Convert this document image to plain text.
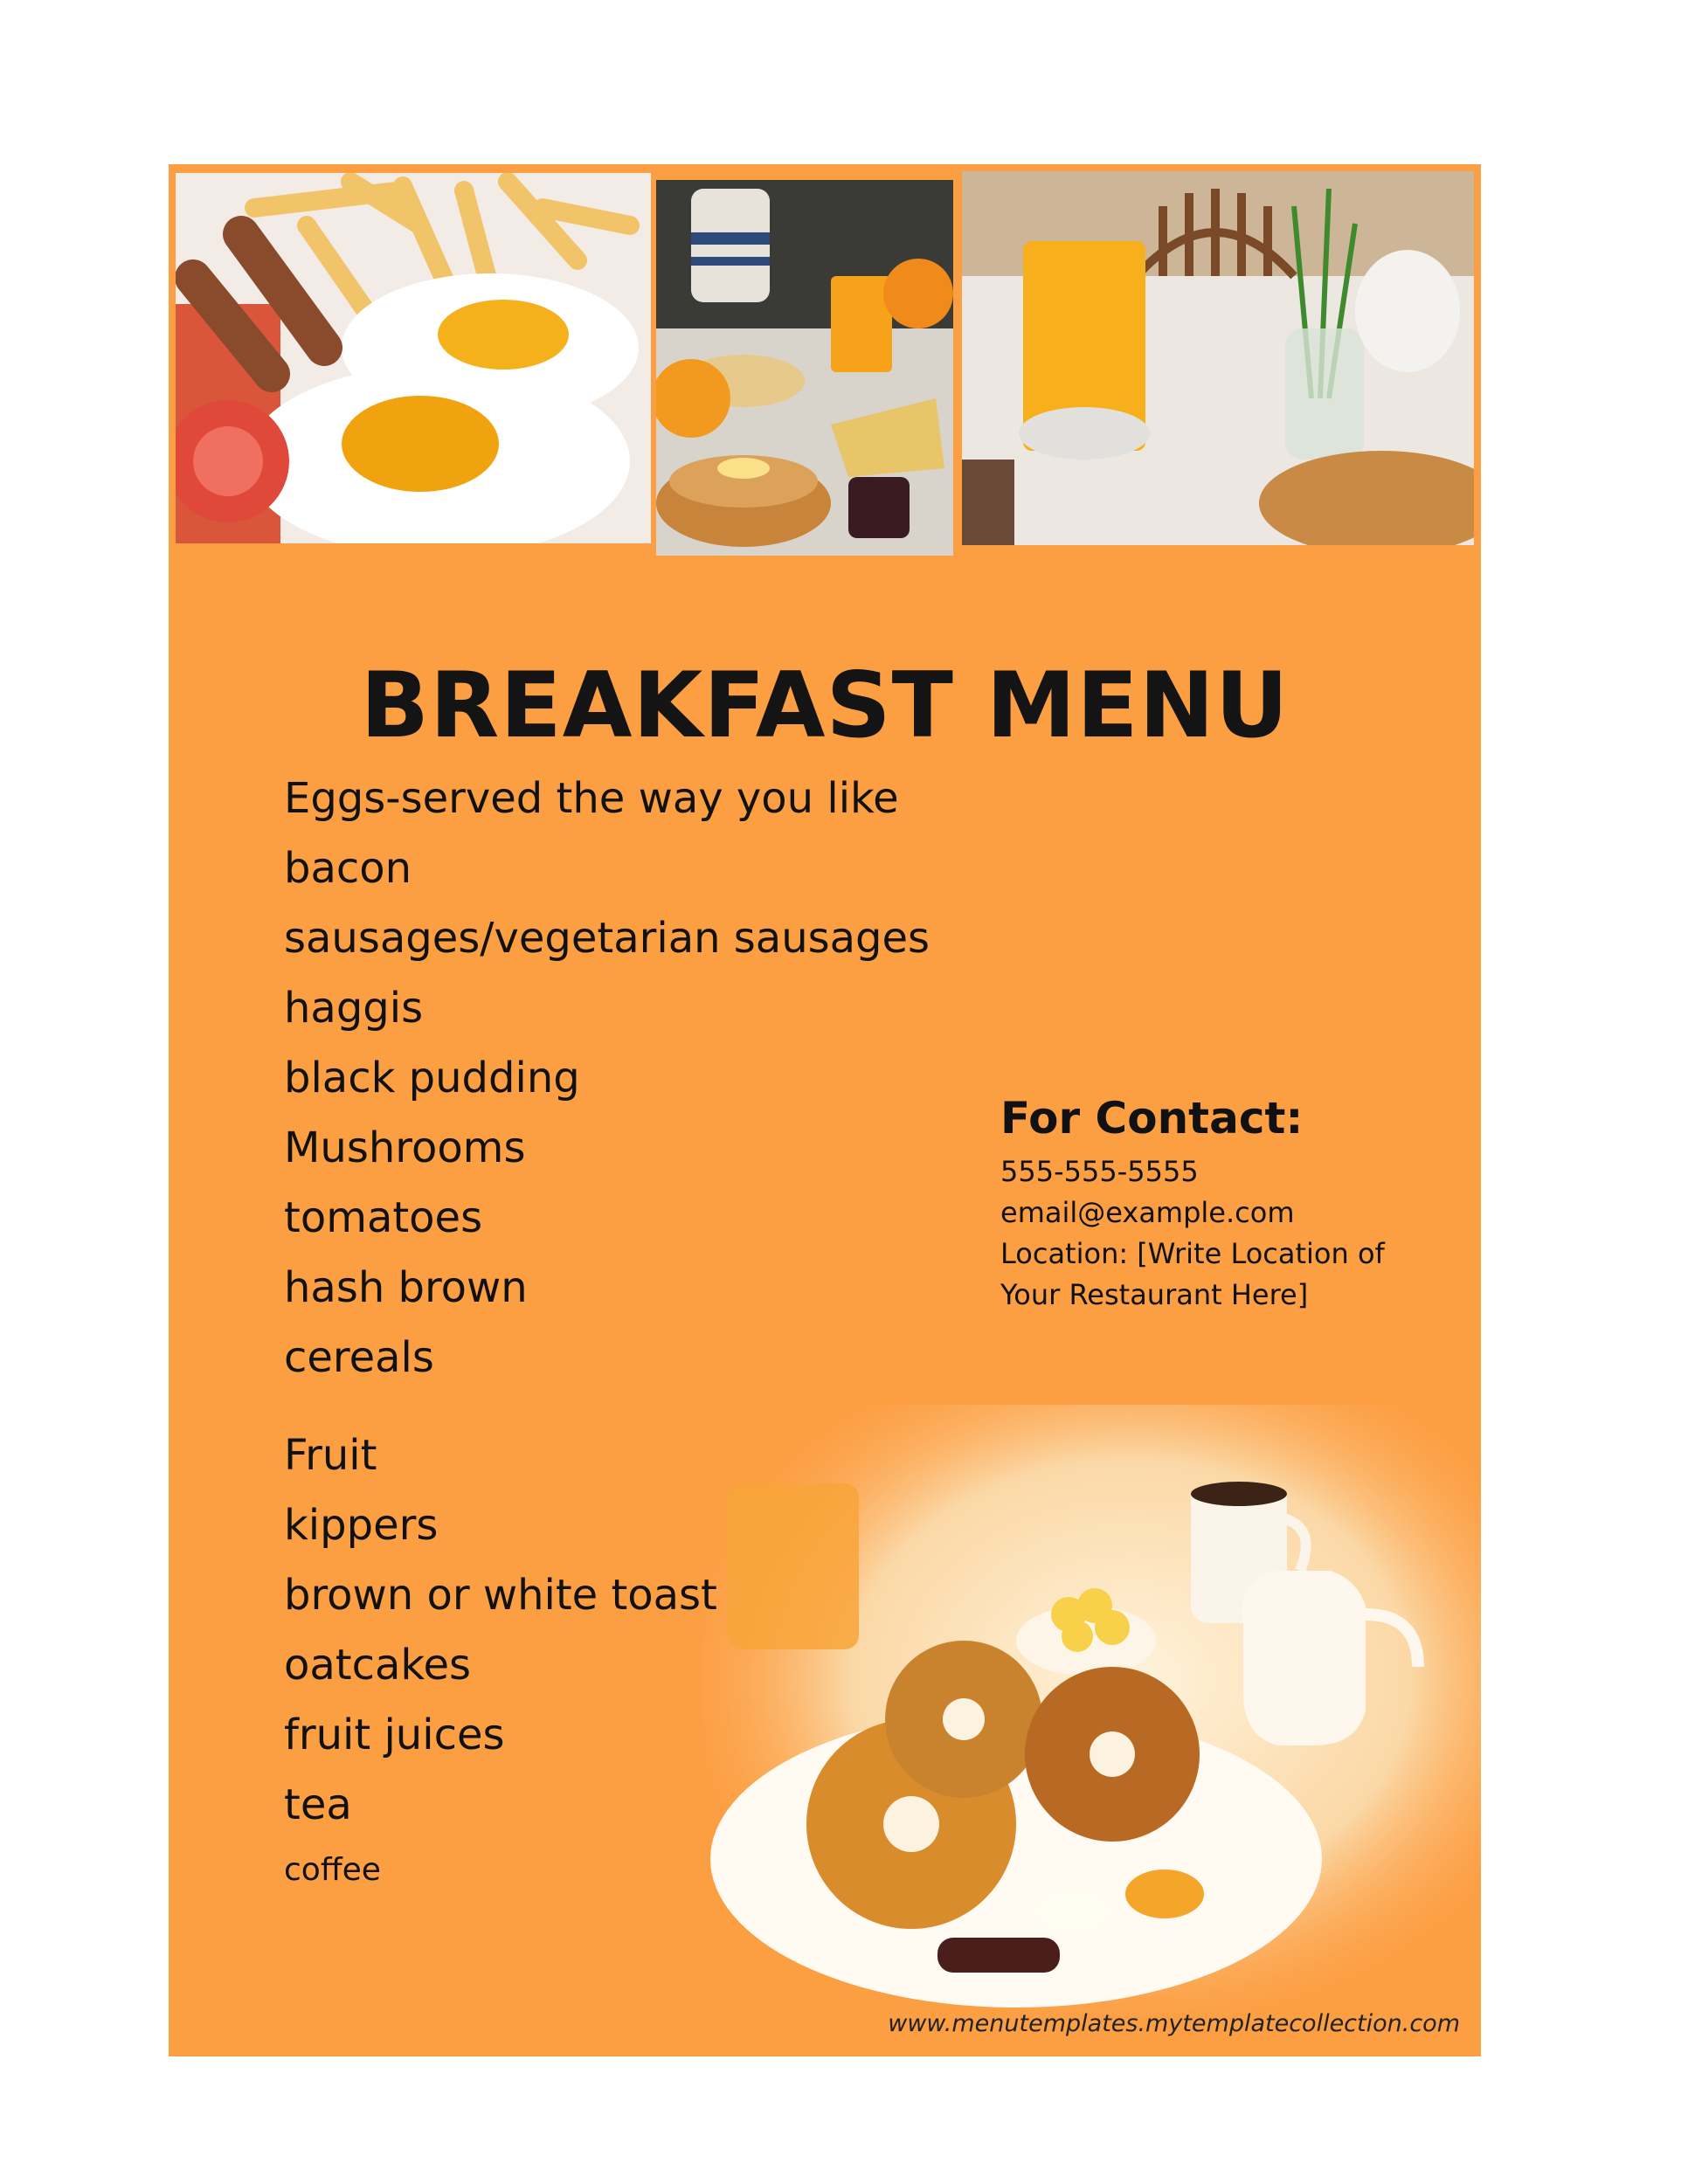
BREAKFAST MENU
Eggs-served the way you like
bacon
sausages/vegetarian sausages
haggis
black pudding
Mushrooms
tomatoes
hash brown
cereals
Fruit
kippers
brown or white toast
oatcakes
fruit juices
tea
coffee
For Contact:
555-555-5555
email@example.com
Location: [Write Location of
Your Restaurant Here]
www.menutemplates.mytemplatecollection.com
